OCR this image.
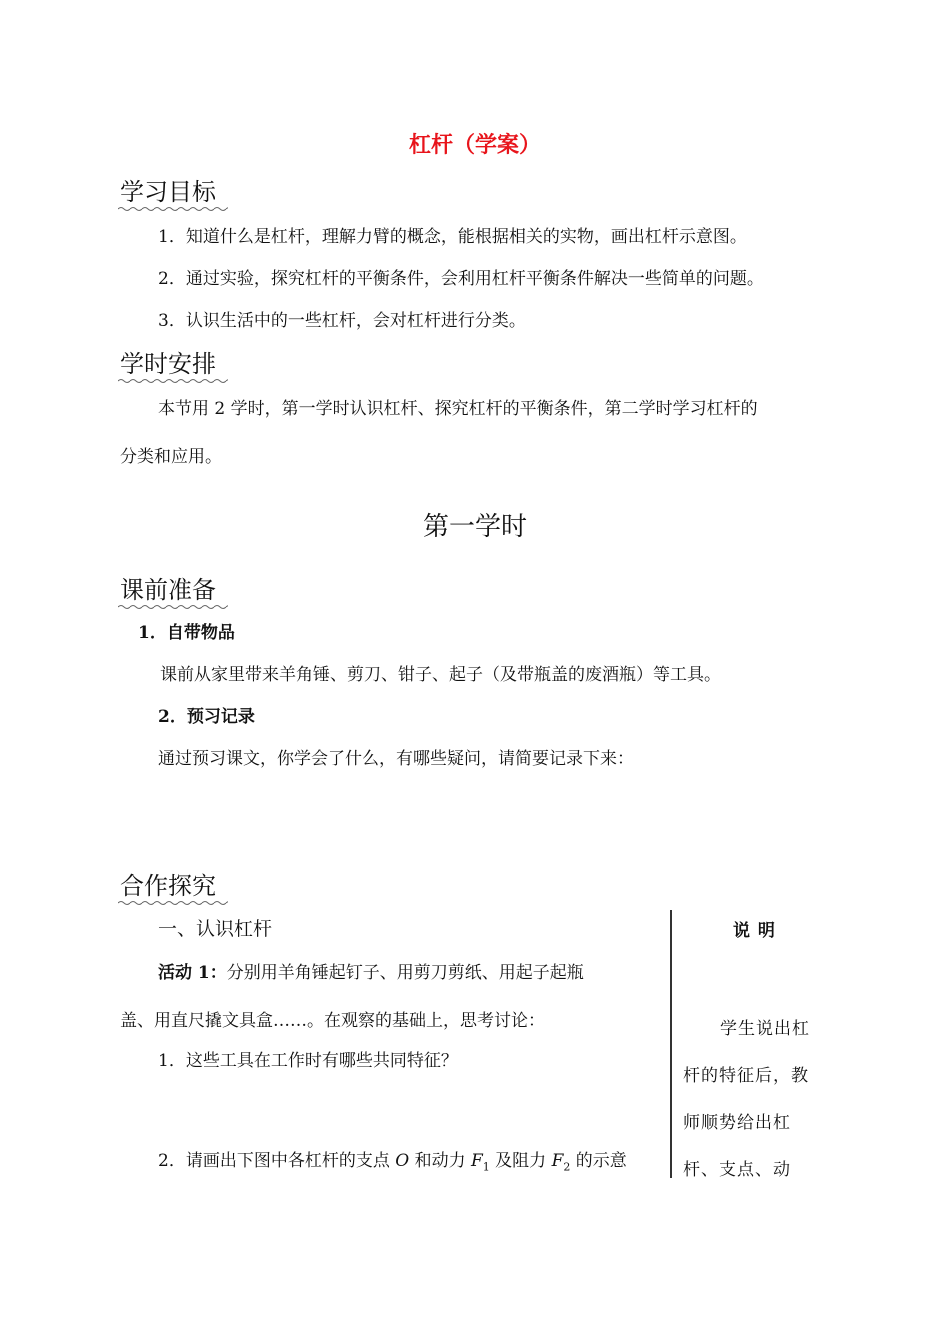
杠杆（学案）
学习目标
1．知道什么是杠杆，理解力臂的概念，能根据相关的实物，画出杠杆示意图。
2．通过实验，探究杠杆的平衡条件，会利用杠杆平衡条件解决一些简单的问题。
3．认识生活中的一些杠杆，会对杠杆进行分类。
学时安排
本节用 2 学时，第一学时认识杠杆、探究杠杆的平衡条件，第二学时学习杠杆的
分类和应用。
第一学时
课前准备
1．自带物品
课前从家里带来羊角锤、剪刀、钳子、起子（及带瓶盖的废酒瓶）等工具。
2．预习记录
通过预习课文，你学会了什么，有哪些疑问，请简要记录下来：
合作探究
一、认识杠杆
活动 1：分别用羊角锤起钉子、用剪刀剪纸、用起子起瓶
盖、用直尺撬文具盒……。在观察的基础上，思考讨论：
1．这些工具在工作时有哪些共同特征？
2．请画出下图中各杠杆的支点 O 和动力 $F_1$ 及阻力 $F_2$ 的示意
说 明
学生说出杠
杆的特征后，教
师顺势给出杠
杆、支点、动
